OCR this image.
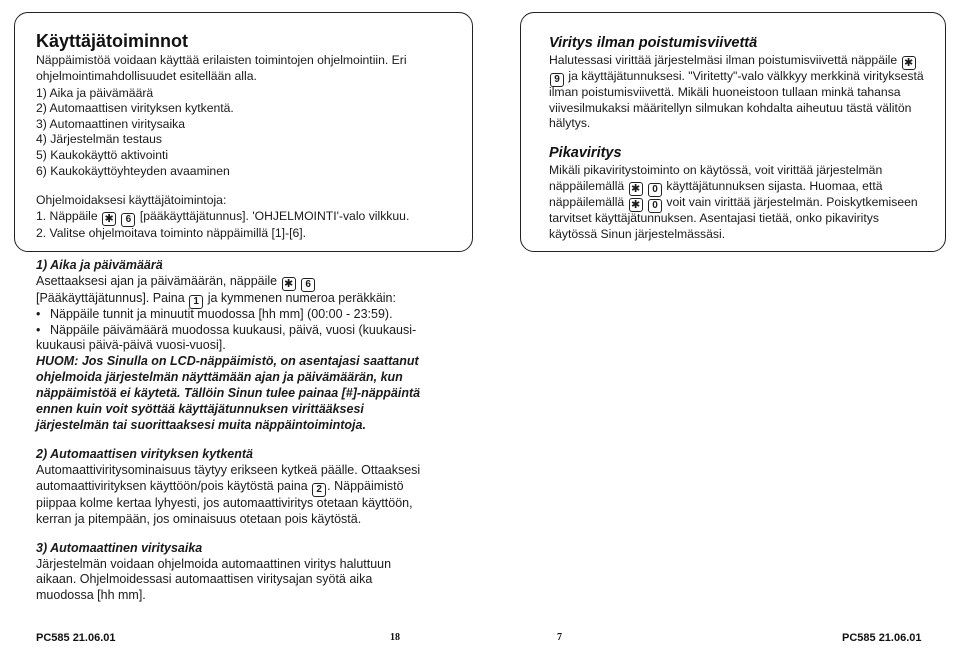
Käyttäjätoiminnot
Näppäimistöä voidaan käyttää erilaisten toimintojen ohjelmointiin. Eri
ohjelmointimahdollisuudet esitellään alla.
1) Aika ja päivämäärä
2) Automaattisen virityksen kytkentä.
3) Automaattinen viritysaika
4) Järjestelmän testaus
5) Kaukokäyttö aktivointi
6) Kaukokäyttöyhteyden avaaminen
Ohjelmoidaksesi käyttäjätoimintoja:
1. Näppäile ✱ 6 [pääkäyttäjätunnus]. 'OHJELMOINTI'-valo vilkkuu.
2. Valitse ohjelmoitava toiminto näppäimillä [1]-[6].
1) Aika ja päivämäärä
Asettaaksesi ajan ja päivämäärän, näppäile ✱ 6
[Pääkäyttäjätunnus]. Paina 1 ja kymmenen numeroa peräkkäin:
• Näppäile tunnit ja minuutit muodossa [hh mm] (00:00 - 23:59).
• Näppäile päivämäärä muodossa kuukausi, päivä, vuosi (kuukausi-
kuukausi päivä-päivä vuosi-vuosi].
HUOM: Jos Sinulla on LCD-näppäimistö, on asentajasi saattanut
ohjelmoida järjestelmän näyttämään ajan ja päivämäärän, kun
näppäimistöä ei käytetä. Tällöin Sinun tulee painaa [#]-näppäintä
ennen kuin voit syöttää käyttäjätunnuksen virittääksesi
järjestelmän tai suorittaaksesi muita näppäintoimintoja.
2) Automaattisen virityksen kytkentä
Automaattiviritysominaisuus täytyy erikseen kytkeä päälle. Ottaaksesi
automaattivirityksen käyttöön/pois käytöstä paina 2 . Näppäimistö
piippaa kolme kertaa lyhyesti, jos automaattiviritys otetaan käyttöön,
kerran ja pitempään, jos ominaisuus otetaan pois käytöstä.
3) Automaattinen viritysaika
Järjestelmän voidaan ohjelmoida automaattinen viritys haluttuun
aikaan. Ohjelmoidessasi automaattisen viritysajan syötä aika
muodossa [hh mm].
PC585 21.06.01	18
Viritys ilman poistumisviivettä
Halutessasi virittää järjestelmäsi ilman poistumisviivettä näppäile ✱
9 ja käyttäjätunnuksesi. "Viritetty"-valo välkkyy merkkinä virityksestä
ilman poistumisviivettä. Mikäli huoneistoon tullaan minkä tahansa
viivesilmukaksi määritellyn silmukan kohdalta aiheutuu tästä välitön
hälytys.
Pikaviritys
Mikäli pikaviritystoiminto on käytössä, voit virittää järjestelmän
näppäilemällä ✱ 0 käyttäjätunnuksen sijasta. Huomaa, että
näppäilemällä ✱ 0 voit vain virittää järjestelmän. Poiskytkemiseen
tarvitset käyttäjätunnuksen. Asentajasi tietää, onko pikaviritys
käytössä Sinun järjestelmässäsi.
7	PC585 21.06.01
